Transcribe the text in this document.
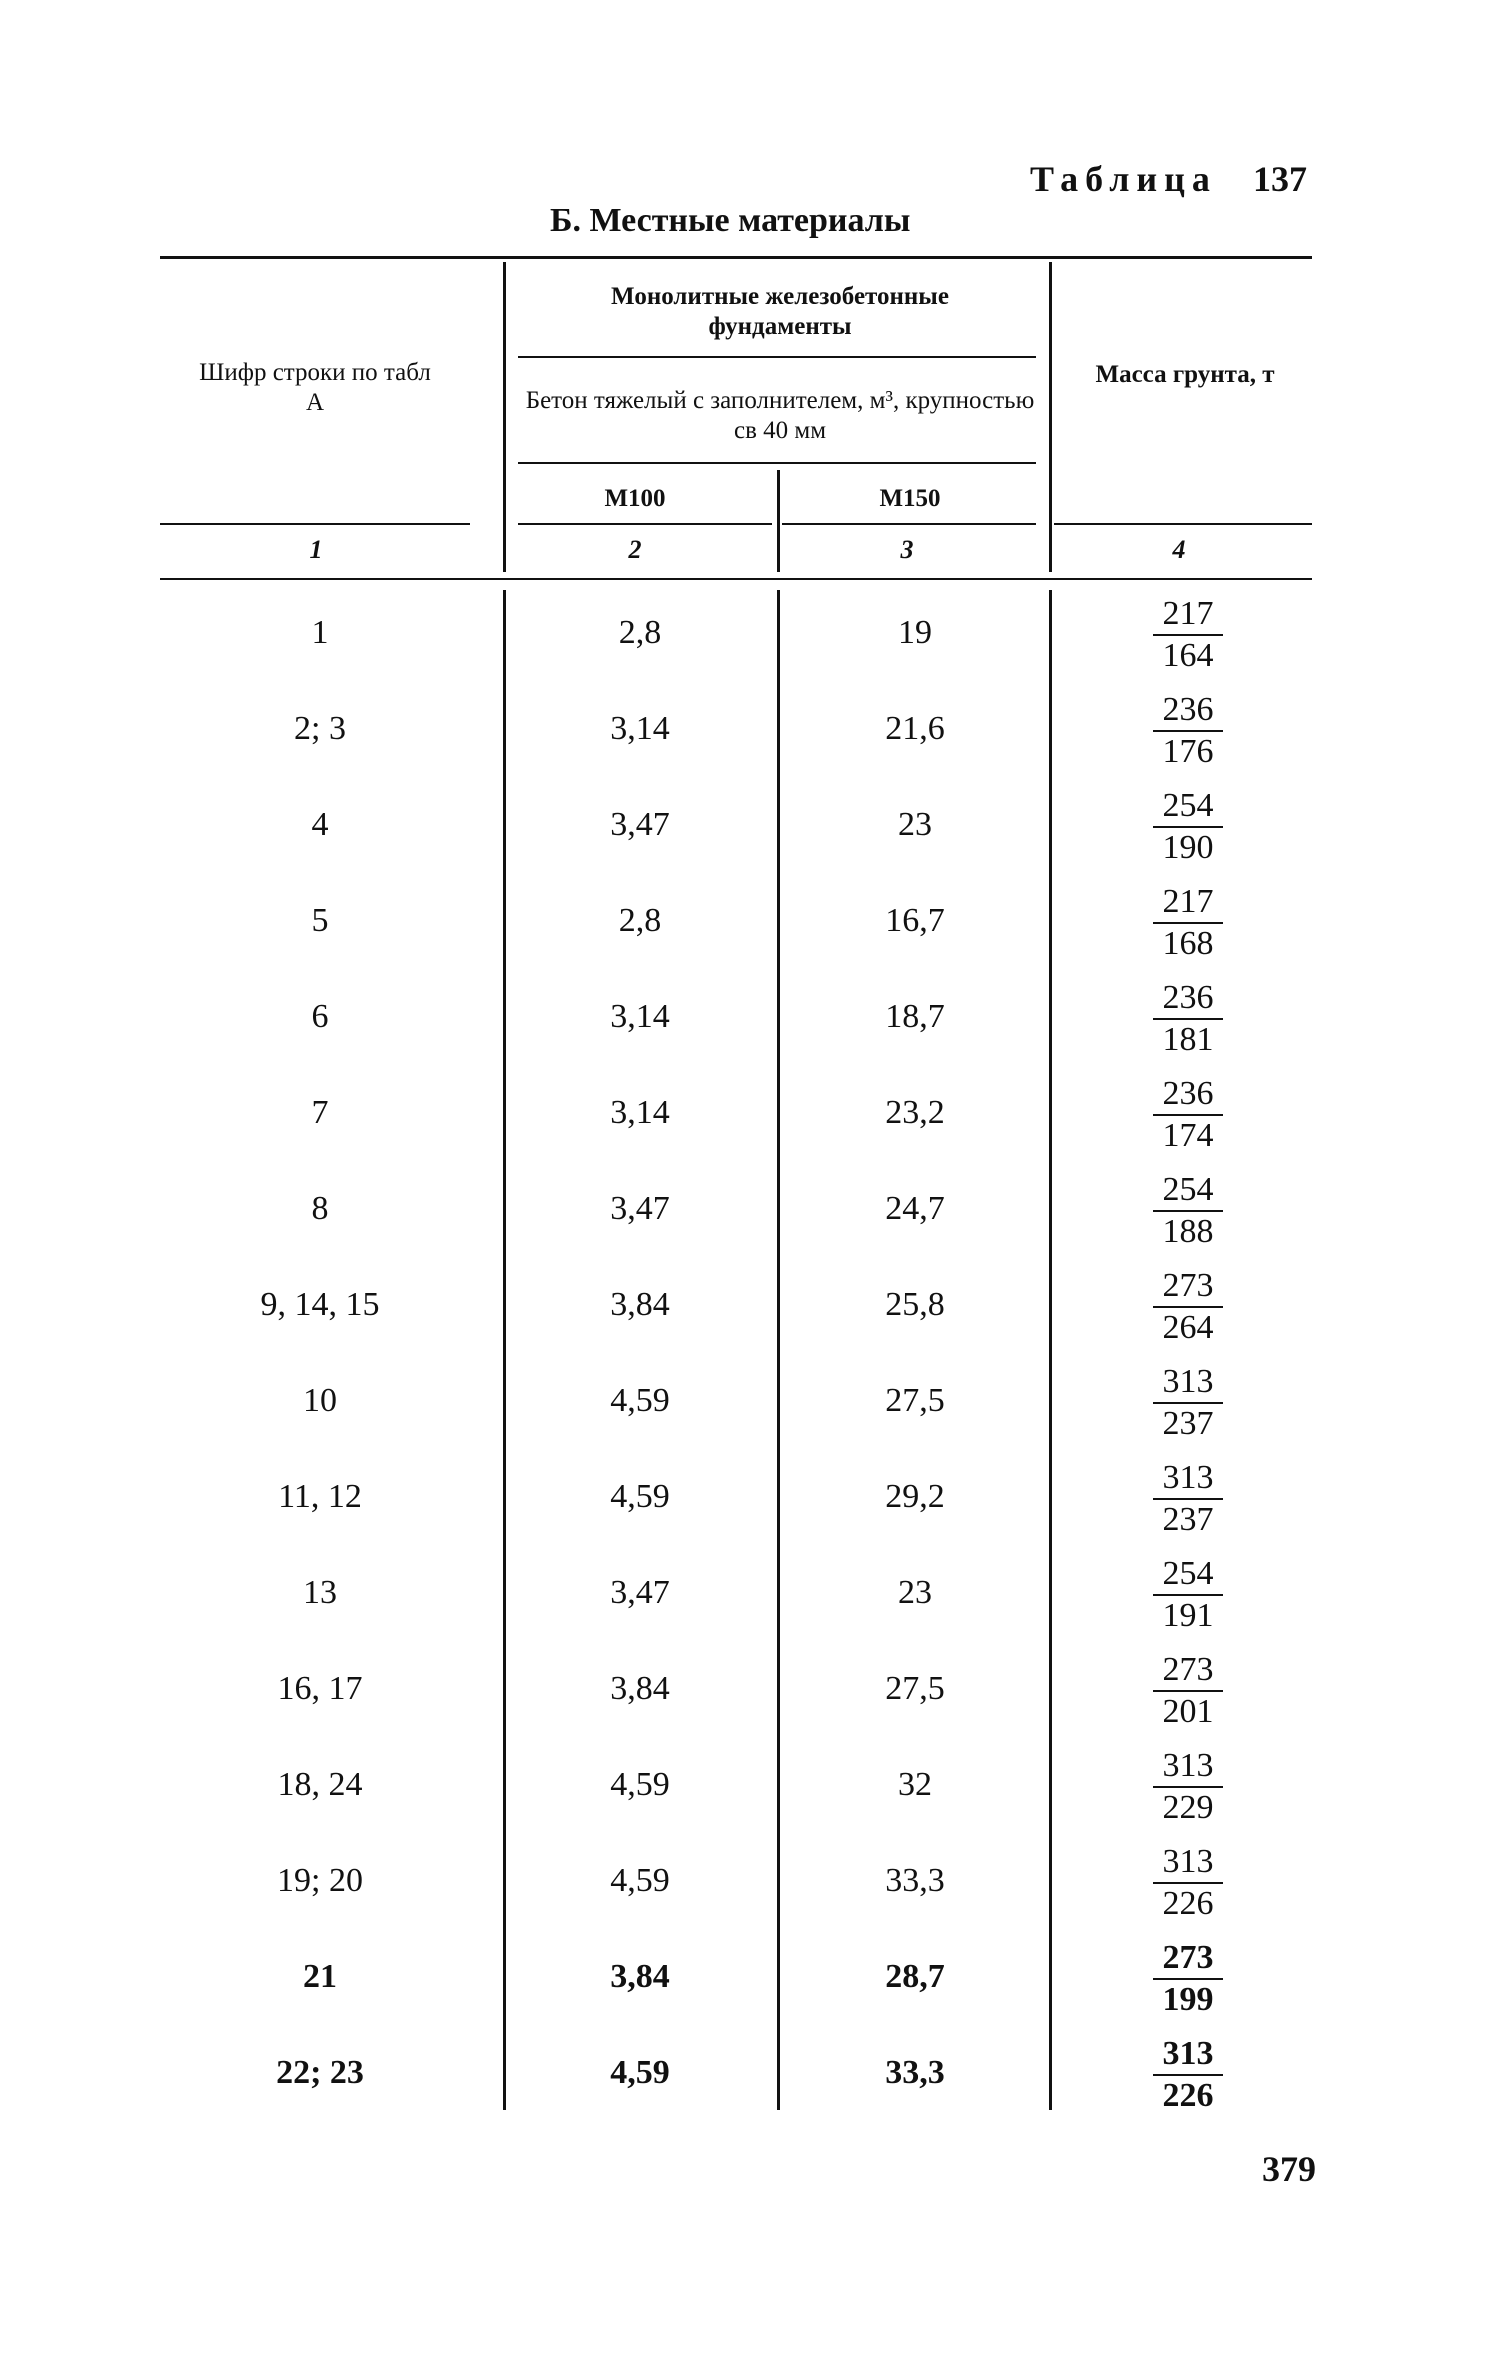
Таблица 137
Б. Местные материалы
Шифр строки по табл А
Монолитные железобетонные фундаменты
Бетон тяжелый с заполнителем, м³, крупностью св 40 мм
М100	М150
Масса грунта, т
1	2	3	4
1	2,8	19	$\frac{217}{164}$
2; 3	3,14	21,6	$\frac{236}{176}$
4	3,47	23	$\frac{254}{190}$
5	2,8	16,7	$\frac{217}{168}$
6	3,14	18,7	$\frac{236}{181}$
7	3,14	23,2	$\frac{236}{174}$
8	3,47	24,7	$\frac{254}{188}$
9, 14, 15	3,84	25,8	$\frac{273}{264}$
10	4,59	27,5	$\frac{313}{237}$
11, 12	4,59	29,2	$\frac{313}{237}$
13	3,47	23	$\frac{254}{191}$
16, 17	3,84	27,5	$\frac{273}{201}$
18, 24	4,59	32	$\frac{313}{229}$
19; 20	4,59	33,3	$\frac{313}{226}$
21	3,84	28,7	$\frac{273}{199}$
22; 23	4,59	33,3	$\frac{313}{226}$
379
